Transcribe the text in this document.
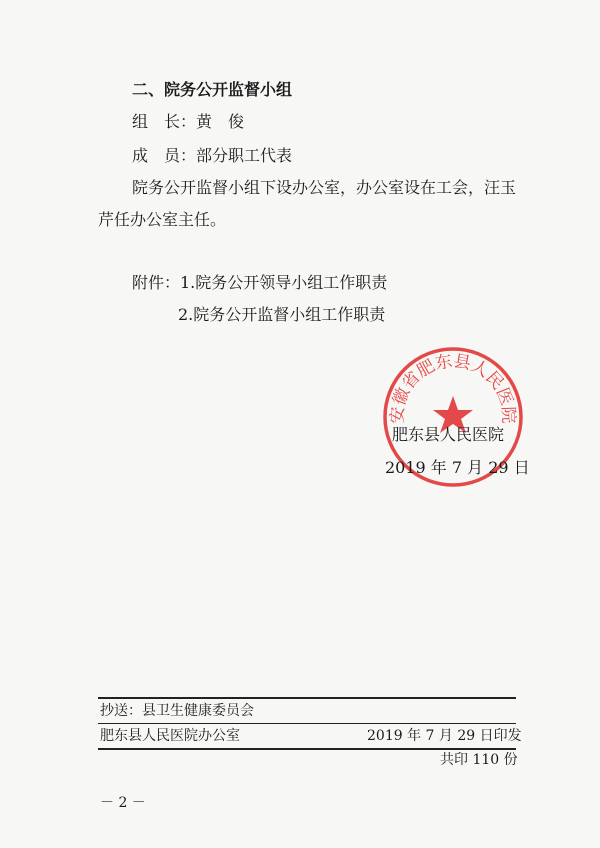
二、院务公开监督小组
组　长：黄　俊
成　员：部分职工代表
院务公开监督小组下设办公室，办公室设在工会，汪玉
芹任办公室主任。
附件：1.院务公开领导小组工作职责
2.院务公开监督小组工作职责
安徽省肥东县人民医院
肥东县人民医院
2019 年 7 月 29 日
抄送：县卫生健康委员会
肥东县人民医院办公室	2019 年 7 月 29 日印发
共印 110 份
－ 2 －
